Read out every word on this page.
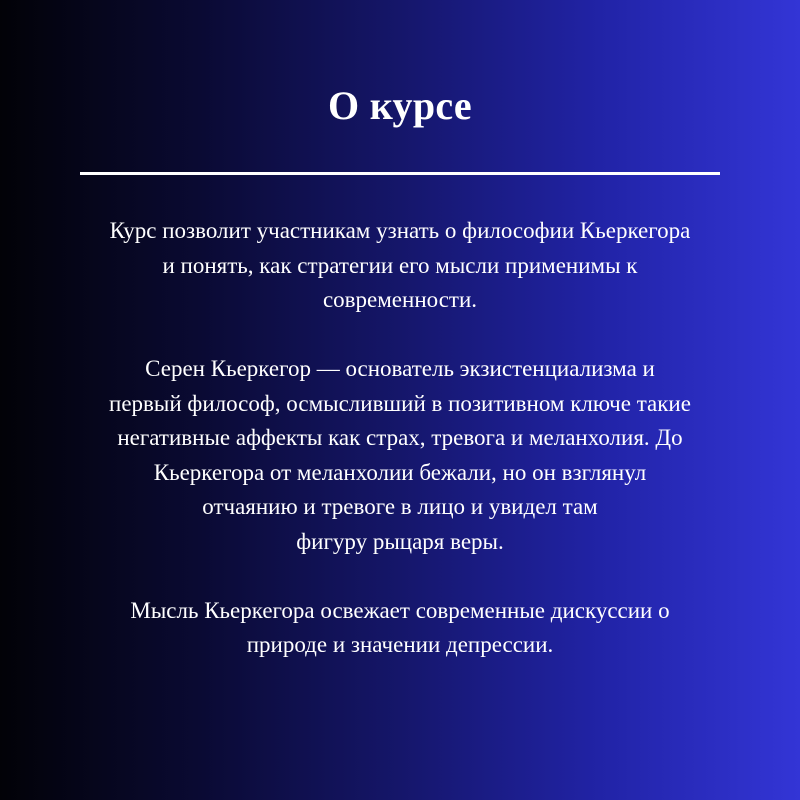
О курсе

Курс позволит участникам узнать о философии Кьеркегора
и понять, как стратегии его мысли применимы к
современности.

Серен Кьеркегор — основатель экзистенциализма и
первый философ, осмысливший в позитивном ключе такие
негативные аффекты как страх, тревога и меланхолия. До
Кьеркегора от меланхолии бежали, но он взглянул
отчаянию и тревоге в лицо и увидел там
фигуру рыцаря веры.

Мысль Кьеркегора освежает современные дискуссии о
природе и значении депрессии.
